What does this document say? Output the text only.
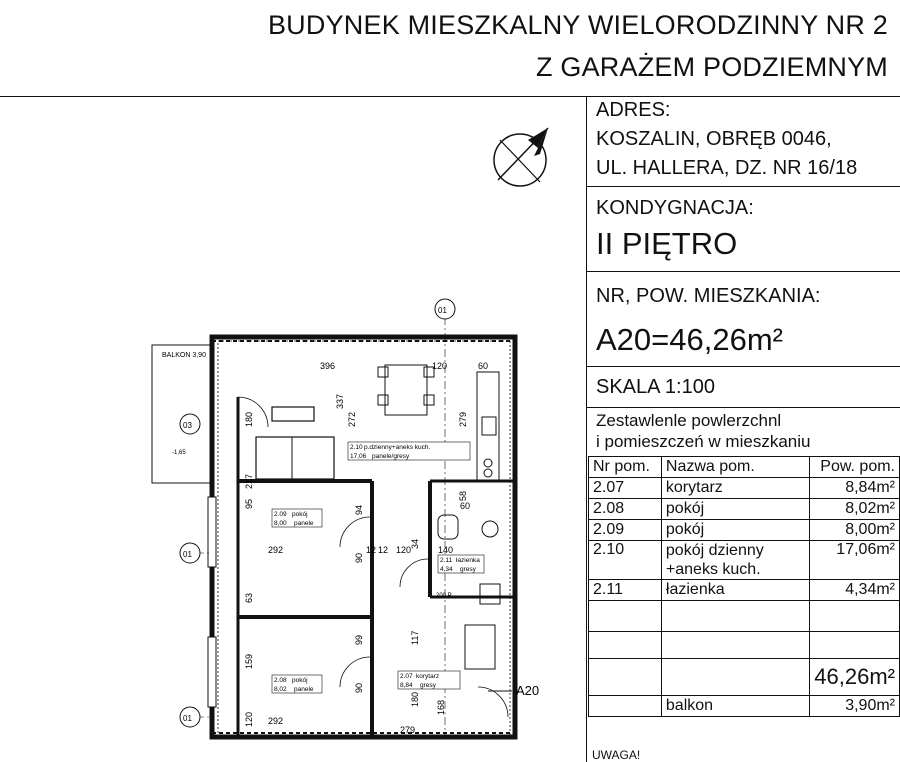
BUDYNEK MIESZKALNY WIELORODZINNY NR 2
Z GARAŻEM PODZIEMNYM
ADRES:
KOSZALIN, OBRĘB 0046,
UL. HALLERA, DZ. NR 16/18
KONDYGNACJA:
II PIĘTRO
NR, POW. MIESZKANIA:
A20=46,26m²
SKALA 1:100
Zestawlenle powlerzchnl
i pomieszczeń w mieszkaniu
Nr pom.	Nazwa pom.	Pow. pom.
2.07	korytarz	8,84m²
2.08	pokój	8,02m²
2.09	pokój	8,00m²
2.10	pokój dzienny
+aneks kuch.	17,06m²
2.11	łazienka	4,34m²

		46,26m²
	balkon	3,90m²
UWAGA!
BALKON 3,90
-1,65
01
03
01
01
A20
2.10 p.dzienny+aneks kuch.
17,06 panele/gresy
2.09 pokój
8,00 panele
2.08 pokój
8,02 panele
2.07 korytarz
8,84 gresy
2.11 łazienka
4,34 gresy
396	120	60
272
337
279
292
292
120
180
95
94
90
12	140
34
58
200 P
117
159
99
63
90
180
168
120
279
60
12
217
